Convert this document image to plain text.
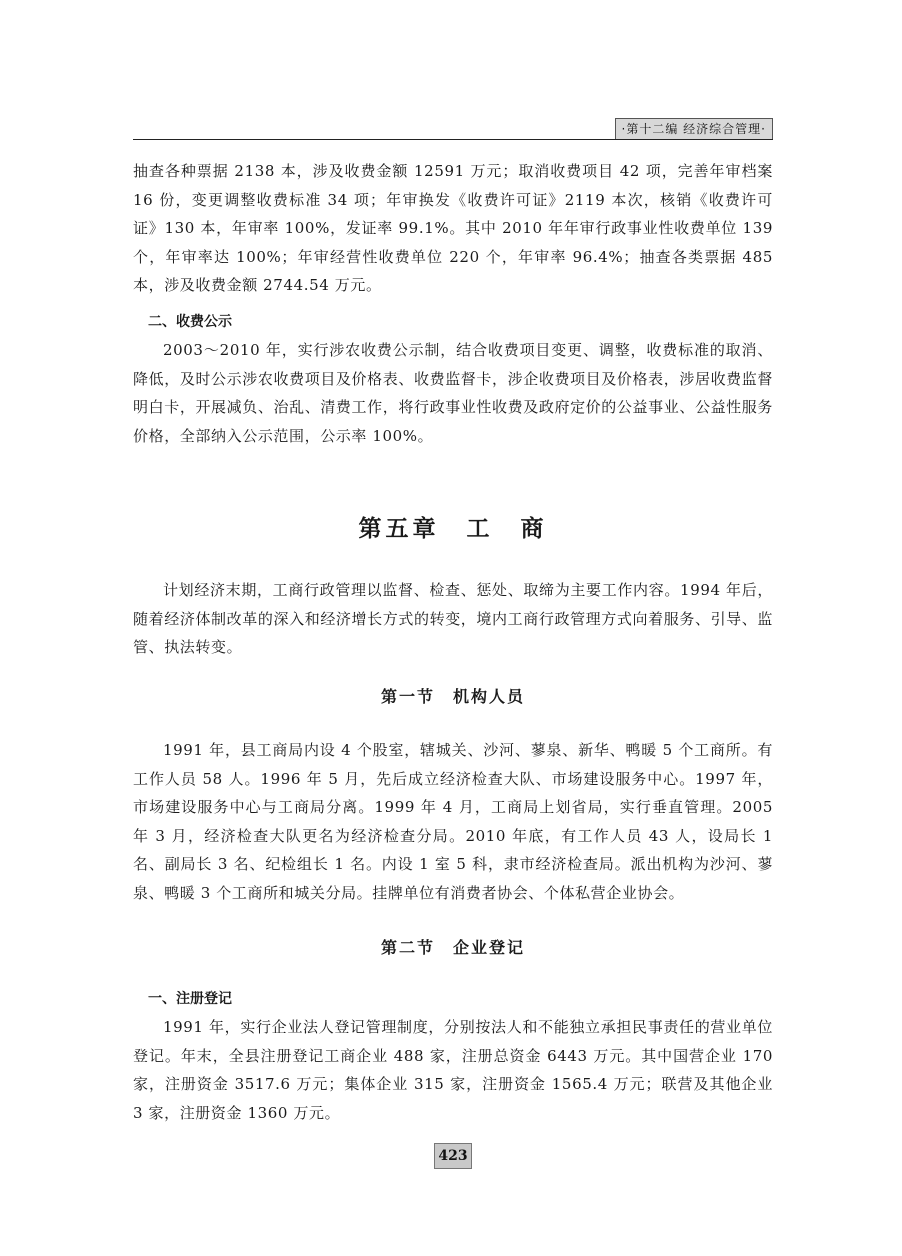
·第十二编 经济综合管理·

抽查各种票据 2138 本，涉及收费金额 12591 万元；取消收费项目 42 项，完善年审档案 16 份，变更调整收费标准 34 项；年审换发《收费许可证》2119 本次，核销《收费许可证》130 本，年审率 100%，发证率 99.1%。其中 2010 年年审行政事业性收费单位 139 个，年审率达 100%；年审经营性收费单位 220 个，年审率 96.4%；抽查各类票据 485 本，涉及收费金额 2744.54 万元。

二、收费公示

2003～2010 年，实行涉农收费公示制，结合收费项目变更、调整，收费标准的取消、降低，及时公示涉农收费项目及价格表、收费监督卡，涉企收费项目及价格表，涉居收费监督明白卡，开展减负、治乱、清费工作，将行政事业性收费及政府定价的公益事业、公益性服务价格，全部纳入公示范围，公示率 100%。

第五章　工　商

计划经济末期，工商行政管理以监督、检查、惩处、取缔为主要工作内容。1994 年后，随着经济体制改革的深入和经济增长方式的转变，境内工商行政管理方式向着服务、引导、监管、执法转变。

第一节　机构人员

1991 年，县工商局内设 4 个股室，辖城关、沙河、蓼泉、新华、鸭暖 5 个工商所。有工作人员 58 人。1996 年 5 月，先后成立经济检查大队、市场建设服务中心。1997 年，市场建设服务中心与工商局分离。1999 年 4 月，工商局上划省局，实行垂直管理。2005 年 3 月，经济检查大队更名为经济检查分局。2010 年底，有工作人员 43 人，设局长 1 名、副局长 3 名、纪检组长 1 名。内设 1 室 5 科，隶市经济检查局。派出机构为沙河、蓼泉、鸭暖 3 个工商所和城关分局。挂牌单位有消费者协会、个体私营企业协会。

第二节　企业登记
一、注册登记

1991 年，实行企业法人登记管理制度，分别按法人和不能独立承担民事责任的营业单位登记。年末，全县注册登记工商企业 488 家，注册总资金 6443 万元。其中国营企业 170 家，注册资金 3517.6 万元；集体企业 315 家，注册资金 1565.4 万元；联营及其他企业 3 家，注册资金 1360 万元。

423
